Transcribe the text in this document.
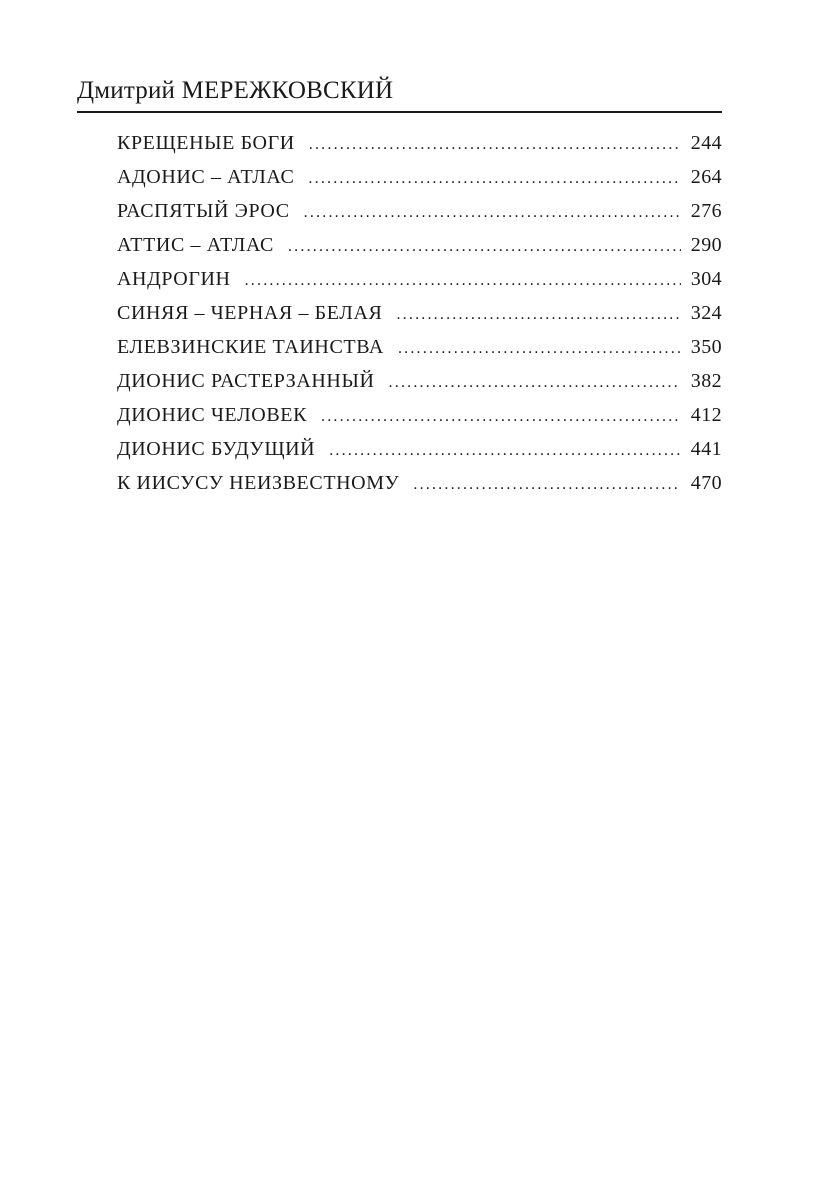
Дмитрий МЕРЕЖКОВСКИЙ
КРЕЩЕНЫЕ БОГИ .....	244
АДОНИС – АТЛАС .....	264
РАСПЯТЫЙ ЭРОС .....	276
АТТИС – АТЛАС .....	290
АНДРОГИН .....	304
СИНЯЯ – ЧЕРНАЯ – БЕЛАЯ .....	324
ЕЛЕВЗИНСКИЕ ТАИНСТВА .....	350
ДИОНИС РАСТЕРЗАННЫЙ .....	382
ДИОНИС ЧЕЛОВЕК .....	412
ДИОНИС БУДУЩИЙ .....	441
К ИИСУСУ НЕИЗВЕСТНОМУ .....	470
